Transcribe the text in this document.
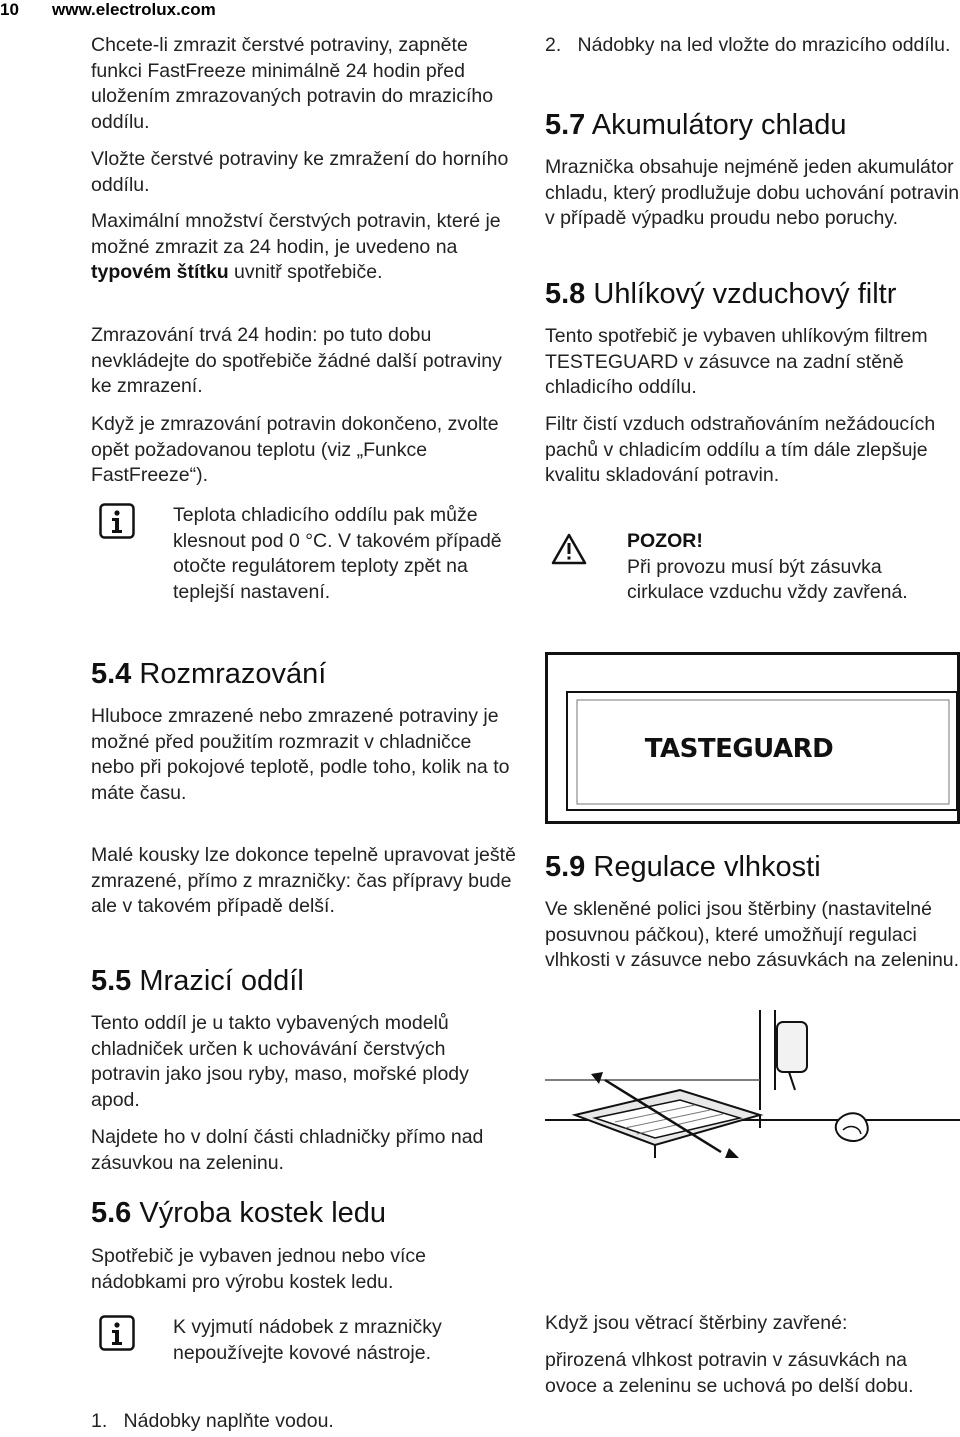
10 www.electrolux.com

Chcete-li zmrazit čerstvé potraviny, zapněte funkci FastFreeze minimálně 24 hodin před uložením zmrazovaných potravin do mrazicího oddílu.

Vložte čerstvé potraviny ke zmražení do horního oddílu.

Maximální množství čerstvých potravin, které je možné zmrazit za 24 hodin, je uvedeno na typovém štítku uvnitř spotřebiče.

Zmrazování trvá 24 hodin: po tuto dobu nevkládejte do spotřebiče žádné další potraviny ke zmrazení.

Když je zmrazování potravin dokončeno, zvolte opět požadovanou teplotu (viz „Funkce FastFreeze“).

Teplota chladicího oddílu pak může klesnout pod 0 °C. V takovém případě otočte regulátorem teploty zpět na teplejší nastavení.

5.4 Rozmrazování

Hluboce zmrazené nebo zmrazené potraviny je možné před použitím rozmrazit v chladničce nebo při pokojové teplotě, podle toho, kolik na to máte času.

Malé kousky lze dokonce tepelně upravovat ještě zmrazené, přímo z mrazničky: čas přípravy bude ale v takovém případě delší.

5.5 Mrazicí oddíl

Tento oddíl je u takto vybavených modelů chladniček určen k uchovávání čerstvých potravin jako jsou ryby, maso, mořské plody apod.

Najdete ho v dolní části chladničky přímo nad zásuvkou na zeleninu.

5.6 Výroba kostek ledu

Spotřebič je vybaven jednou nebo více nádobkami pro výrobu kostek ledu.

K vyjmutí nádobek z mrazničky nepoužívejte kovové nástroje.

1.   Nádobky naplňte vodou.

2.   Nádobky na led vložte do mrazicího oddílu.

5.7 Akumulátory chladu

Mraznička obsahuje nejméně jeden akumulátor chladu, který prodlužuje dobu uchování potravin v případě výpadku proudu nebo poruchy.

5.8 Uhlíkový vzduchový filtr

Tento spotřebič je vybaven uhlíkovým filtrem TESTEGUARD v zásuvce na zadní stěně chladicího oddílu.

Filtr čistí vzduch odstraňováním nežádoucích pachů v chladicím oddílu a tím dále zlepšuje kvalitu skladování potravin.

POZOR!
Při provozu musí být zásuvka cirkulace vzduchu vždy zavřená.

TASTEGUARD
5.9 Regulace vlhkosti

Ve skleněné polici jsou štěrbiny (nastavitelné posuvnou páčkou), které umožňují regulaci vlhkosti v zásuvce nebo zásuvkách na zeleninu.

Když jsou větrací štěrbiny zavřené:

přirozená vlhkost potravin v zásuvkách na ovoce a zeleninu se uchová po delší dobu.
